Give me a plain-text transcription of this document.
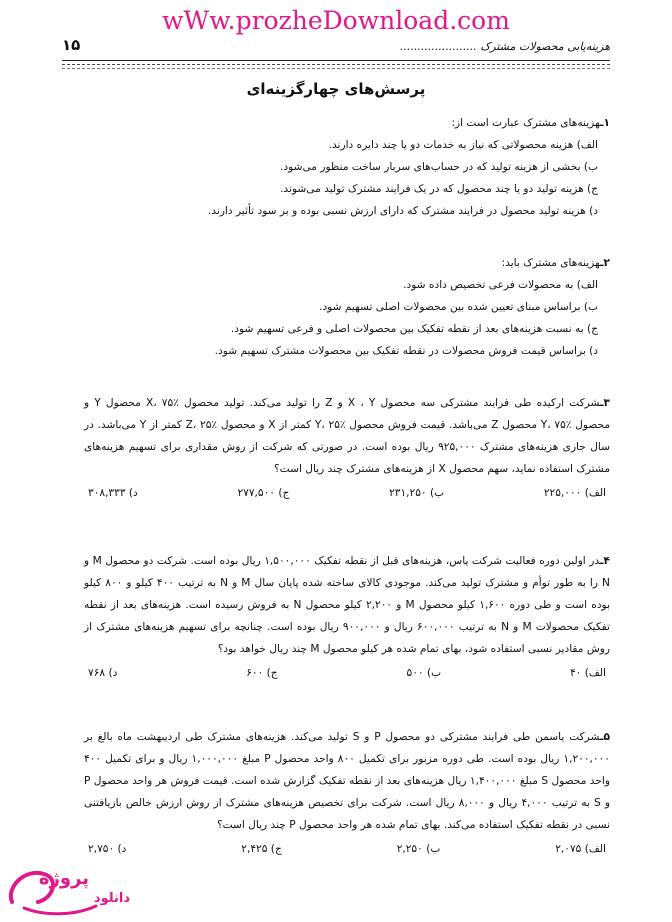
wWw.prozheDownload.com
هزینه‌یابی محصولات مشترک ......................
۱۵
پرسش‌های چهارگزینه‌ای

۱ـهزینه‌های مشترک عبارت است از:

الف) هزینه محصولاتی که نیاز به خدمات دو یا چند دایره دارند.

ب) بخشی از هزینه تولید که در حساب‌های سربار ساخت منظور می‌شود.

ج) هزینه تولید دو یا چند محصول که در یک فرایند مشترک تولید می‌شوند.

د) هزینه تولید محصول در فرایند مشترک که دارای ارزش نسبی بوده و بر سود تأثیر دارند.

۲ـهزینه‌های مشترک باید:

الف) به محصولات فرعی تخصیص داده شود.

ب) براساس مبنای تعیین شده بین محصولات اصلی تسهیم شود.

ج) به نسبت هزینه‌های بعد از نقطه تفکیک بین محصولات اصلی و فرعی تسهیم شود.

د) براساس قیمت فروش محصولات در نقطه تفکیک بین محصولات مشترک تسهیم شود.

۳ـشرکت ارکیده طی فرایند مشترکی سه محصول X ، Y و Z را تولید می‌کند. تولید محصول X، ۷۵٪ محصول Y و محصول Y، ۷۵٪ محصول Z می‌باشد. قیمت فروش محصول Y، ۲۵٪ کمتر از X و محصول Z، ۲۵٪ کمتر از Y می‌باشد. در سال جاری هزینه‌های مشترک ۹۲۵,۰۰۰ ریال بوده است. در صورتی که شرکت از روش مقداری برای تسهیم هزینه‌های مشترک استفاده نماید، سهم محصول X از هزینه‌های مشترک چند ریال است؟

الف) ۲۲۵,۰۰۰
ب) ۲۳۱,۲۵۰
ج) ۲۷۷,۵۰۰
د) ۳۰۸,۳۳۳

۴ـدر اولین دوره فعالیت شرکت یاس، هزینه‌های قبل از نقطه تفکیک ۱,۵۰۰,۰۰۰ ریال بوده است. شرکت دو محصول M و N را به طور توأم و مشترک تولید می‌کند. موجودی کالای ساخته شده پایان سال M و N به ترتیب ۴۰۰ کیلو و ۸۰۰ کیلو بوده است و طی دوره ۱,۶۰۰ کیلو محصول M و ۲,۲۰۰ کیلو محصول N به فروش رسیده است. هزینه‌های بعد از نقطه تفکیک محصولات M و N به ترتیب ۶۰۰,۰۰۰ ریال و ۹۰۰,۰۰۰ ریال بوده است. چنانچه برای تسهیم هزینه‌های مشترک از روش مقادیر نسبی استفاده شود، بهای تمام شده هر کیلو محصول M چند ریال خواهد بود؟

الف) ۴۰
ب) ۵۰۰
ج) ۶۰۰
د) ۷۶۸

۵ـشرکت یاسمن طی فرایند مشترکی دو محصول P و S تولید می‌کند. هزینه‌های مشترک طی اردیبهشت ماه بالغ بر ۱,۲۰۰,۰۰۰ ریال بوده است. طی دوره مزبور برای تکمیل ۸۰۰ واحد محصول P مبلغ ۱,۰۰۰,۰۰۰ ریال و برای تکمیل ۴۰۰ واحد محصول S مبلغ ۱,۴۰۰,۰۰۰ ریال هزینه‌های بعد از نقطه تفکیک گزارش شده است. قیمت فروش هر واحد محصول P و S به ترتیب ۴,۰۰۰ ریال و ۸,۰۰۰ ریال است. شرکت برای تخصیص هزینه‌های مشترک از روش ارزش خالص بازیافتنی نسبی در نقطه تفکیک استفاده می‌کند. بهای تمام شده هر واحد محصول P چند ریال است؟

الف) ۲,۰۷۵
ب) ۲,۲۵۰
ج) ۲,۴۲۵
د) ۲,۷۵۰
پروژه
دانلود
